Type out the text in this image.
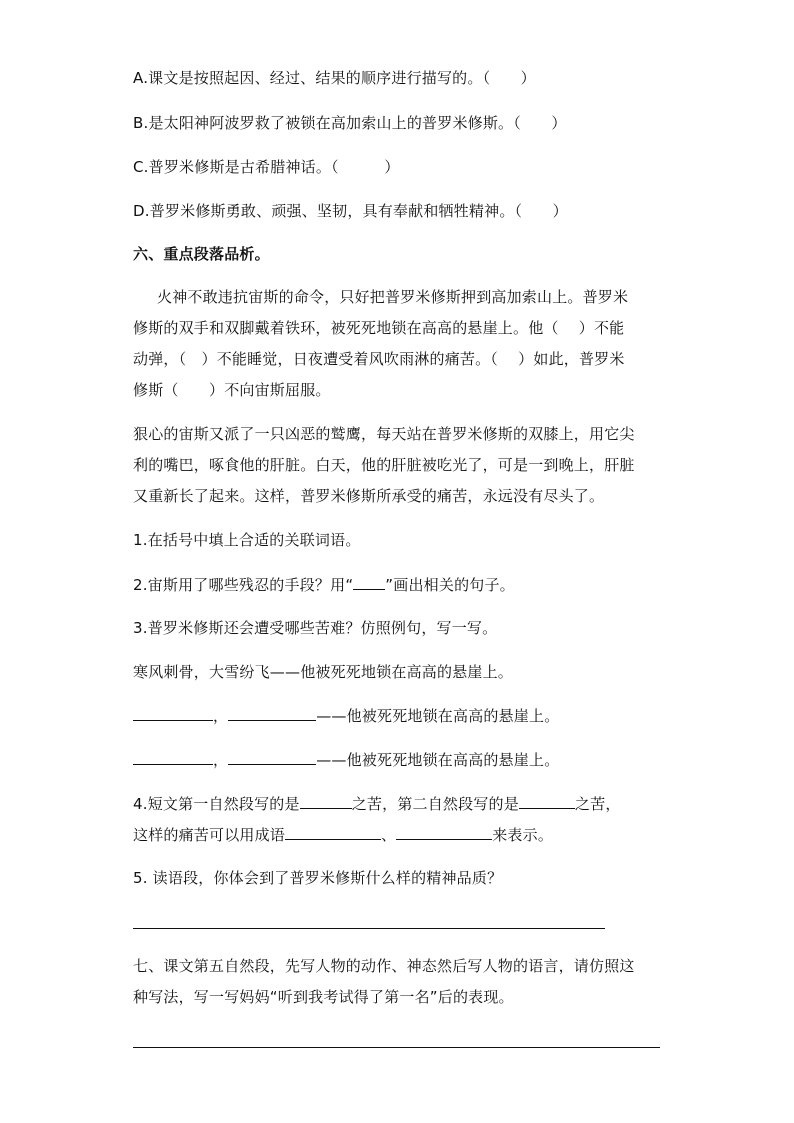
A.课文是按照起因、经过、结果的顺序进行描写的。（　　）
B.是太阳神阿波罗救了被锁在高加索山上的普罗米修斯。（　　）
C.普罗米修斯是古希腊神话。（　　　）
D.普罗米修斯勇敢、顽强、坚韧，具有奉献和牺牲精神。（　　）
六、重点段落品析。
火神不敢违抗宙斯的命令，只好把普罗米修斯押到高加索山上。普罗米
修斯的双手和双脚戴着铁环，被死死地锁在高高的悬崖上。他（　 ）不能
动弹，（　）不能睡觉，日夜遭受着风吹雨淋的痛苦。（　 ）如此，普罗米
修斯（　　）不向宙斯屈服。
狠心的宙斯又派了一只凶恶的鹫鹰，每天站在普罗米修斯的双膝上，用它尖
利的嘴巴，啄食他的肝脏。白天，他的肝脏被吃光了，可是一到晚上，肝脏
又重新长了起来。这样，普罗米修斯所承受的痛苦，永远没有尽头了。
1.在括号中填上合适的关联词语。
2.宙斯用了哪些残忍的手段？用“ ”画出相关的句子。
3.普罗米修斯还会遭受哪些苦难？仿照例句，写一写。
寒风刺骨，大雪纷飞——他被死死地锁在高高的悬崖上。
，	——他被死死地锁在高高的悬崖上。
，	——他被死死地锁在高高的悬崖上。
4.短文第一自然段写的是	之苦，第二自然段写的是	之苦，
这样的痛苦可以用成语	、	来表示。
5. 读语段，你体会到了普罗米修斯什么样的精神品质？
七、课文第五自然段，先写人物的动作、神态然后写人物的语言，请仿照这
种写法，写一写妈妈“听到我考试得了第一名”后的表现。
